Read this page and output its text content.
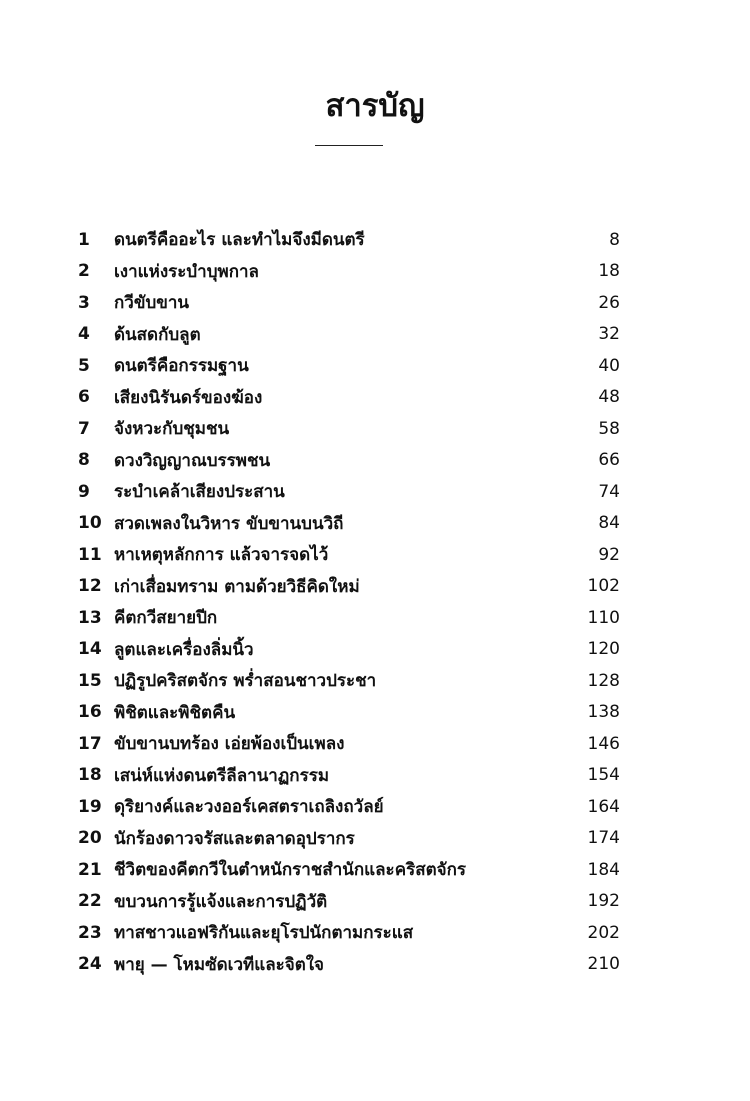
สารบัญ
1	ดนตรีคืออะไร และทำไมจึงมีดนตรี	8
2	เงาแห่งระบำบุพกาล	18
3	กวีขับขาน	26
4	ด้นสดกับลูต	32
5	ดนตรีคือกรรมฐาน	40
6	เสียงนิรันดร์ของฆ้อง	48
7	จังหวะกับชุมชน	58
8	ดวงวิญญาณบรรพชน	66
9	ระบำเคล้าเสียงประสาน	74
10 สวดเพลงในวิหาร ขับขานบนวิถี	84
11 หาเหตุหลักการ แล้วจารจดไว้	92
12 เก่าเสื่อมทราม ตามด้วยวิธีคิดใหม่	102
13 คีตกวีสยายปีก	110
14 ลูตและเครื่องลิ่มนิ้ว	120
15 ปฏิรูปคริสตจักร พร่ำสอนชาวประชา	128
16 พิชิตและพิชิตคืน	138
17 ขับขานบทร้อง เอ่ยพ้องเป็นเพลง	146
18 เสน่ห์แห่งดนตรีลีลานาฏกรรม	154
19 ดุริยางค์และวงออร์เคสตราเถลิงถวัลย์	164
20 นักร้องดาวจรัสและตลาดอุปรากร	174
21 ชีวิตของคีตกวีในตำหนักราชสำนักและคริสตจักร	184
22 ขบวนการรู้แจ้งและการปฏิวัติ	192
23 ทาสชาวแอฟริกันและยุโรปนักตามกระแส	202
24 พายุ — โหมซัดเวทีและจิตใจ	210
